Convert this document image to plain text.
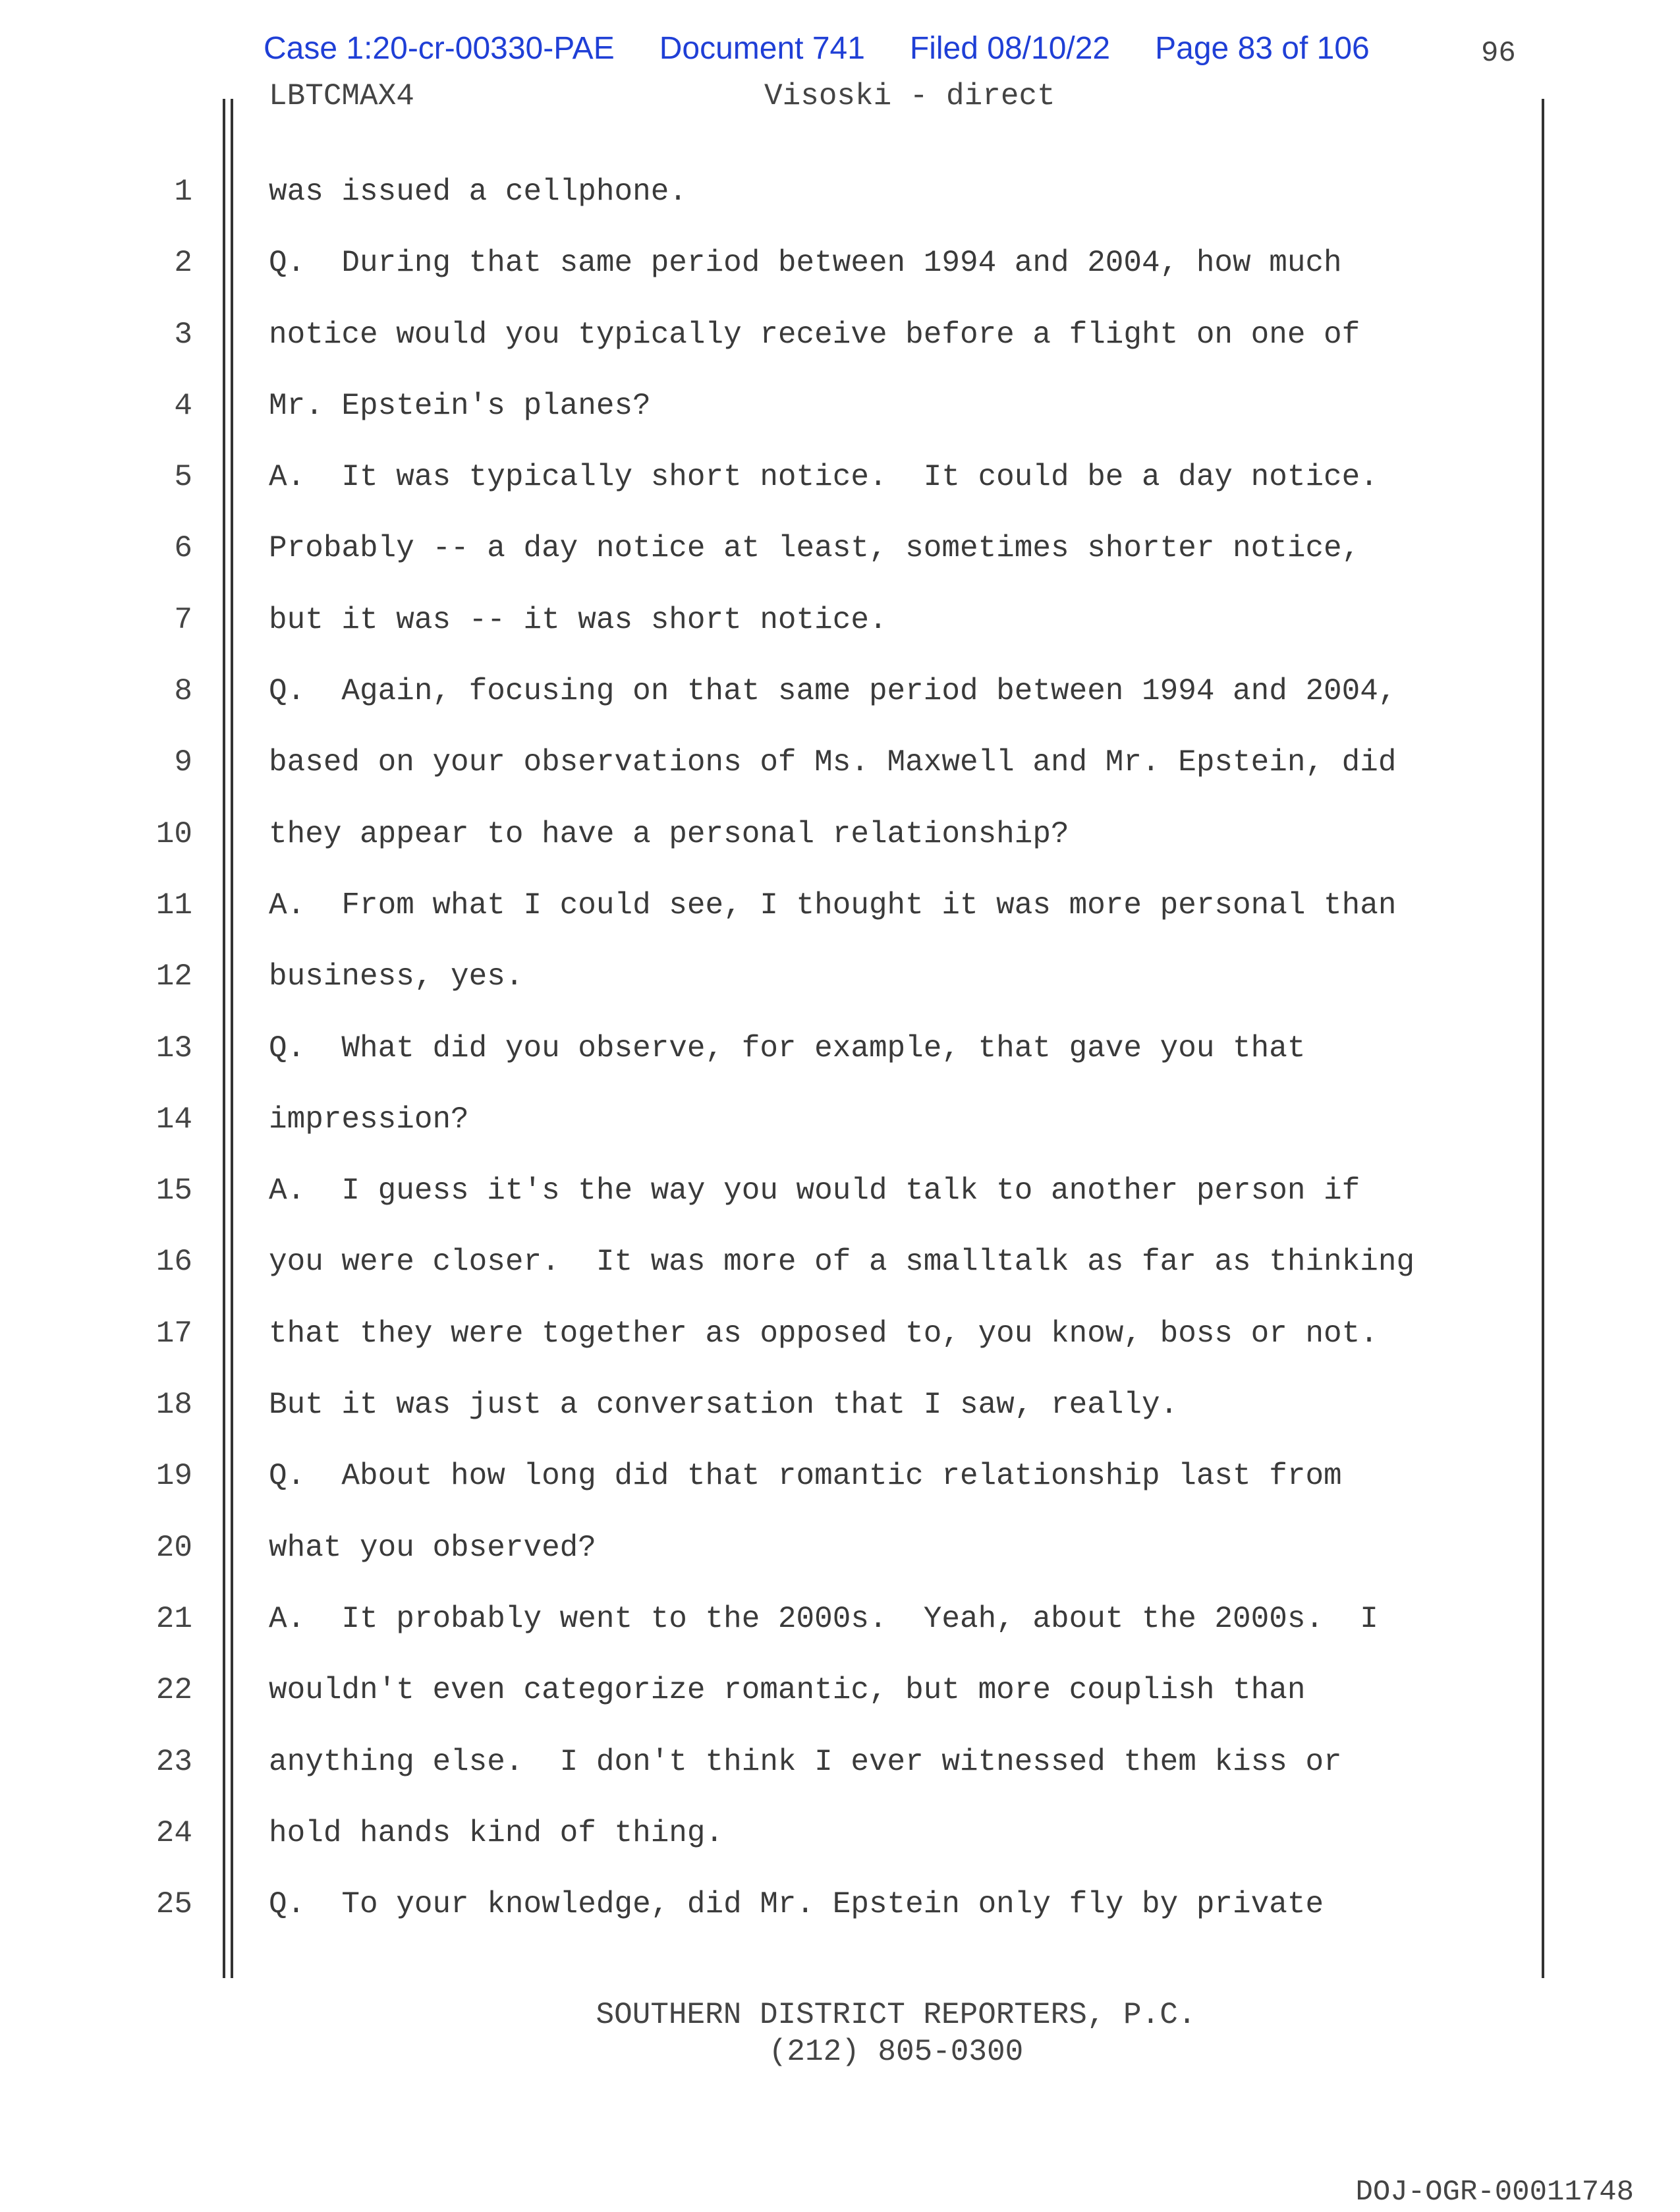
Case 1:20-cr-00330-PAE Document 741 Filed 08/10/22 Page 83 of 106	96
LBTCMAX4	Visoski - direct
1
2
3
4
5
6
7
8
9
10
11
12
13
14
15
16
17
18
19
20
21
22
23
24
25
was issued a cellphone.
Q.  During that same period between 1994 and 2004, how much
notice would you typically receive before a flight on one of
Mr. Epstein's planes?
A.  It was typically short notice.  It could be a day notice.
Probably -- a day notice at least, sometimes shorter notice,
but it was -- it was short notice.
Q.  Again, focusing on that same period between 1994 and 2004,
based on your observations of Ms. Maxwell and Mr. Epstein, did
they appear to have a personal relationship?
A.  From what I could see, I thought it was more personal than
business, yes.
Q.  What did you observe, for example, that gave you that
impression?
A.  I guess it's the way you would talk to another person if
you were closer.  It was more of a smalltalk as far as thinking
that they were together as opposed to, you know, boss or not.
But it was just a conversation that I saw, really.
Q.  About how long did that romantic relationship last from
what you observed?
A.  It probably went to the 2000s.  Yeah, about the 2000s.  I
wouldn't even categorize romantic, but more couplish than
anything else.  I don't think I ever witnessed them kiss or
hold hands kind of thing.
Q.  To your knowledge, did Mr. Epstein only fly by private
SOUTHERN DISTRICT REPORTERS, P.C.
(212) 805-0300
DOJ-OGR-00011748
